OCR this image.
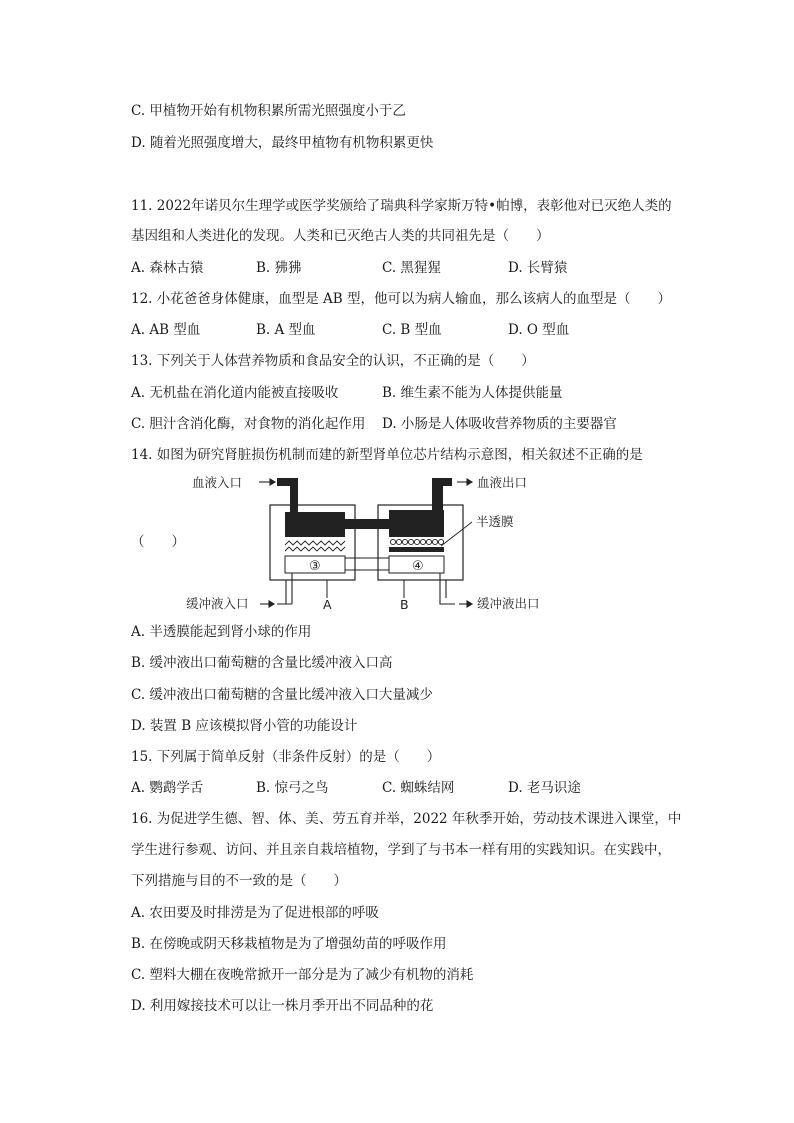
C. 甲植物开始有机物积累所需光照强度小于乙
D. 随着光照强度增大，最终甲植物有机物积累更快
11. 2022年诺贝尔生理学或医学奖颁给了瑞典科学家斯万特•帕博，表彰他对已灭绝人类的
基因组和人类进化的发现。人类和已灭绝古人类的共同祖先是（　　）
A. 森林古猿	B. 狒狒	C. 黑猩猩	D. 长臂猿
12. 小花爸爸身体健康，血型是 AB 型，他可以为病人输血，那么该病人的血型是（　　）
A. AB 型血	B. A 型血	C. B 型血	D. O 型血
13. 下列关于人体营养物质和食品安全的认识，不正确的是（　　）
A. 无机盐在消化道内能被直接吸收	B. 维生素不能为人体提供能量
C. 胆汁含消化酶，对食物的消化起作用 D. 小肠是人体吸收营养物质的主要器官
14. 如图为研究肾脏损伤机制而建的新型肾单位芯片结构示意图，相关叙述不正确的是
（　　）
血液入口	血液出口
半透膜
缓冲液入口	缓冲液出口
A	B
③	④
A. 半透膜能起到肾小球的作用
B. 缓冲液出口葡萄糖的含量比缓冲液入口高
C. 缓冲液出口葡萄糖的含量比缓冲液入口大量减少
D. 装置 B 应该模拟肾小管的功能设计
15. 下列属于简单反射（非条件反射）的是（　　）
A. 鹦鹉学舌	B. 惊弓之鸟	C. 蜘蛛结网	D. 老马识途
16. 为促进学生德、智、体、美、劳五育并举，2022 年秋季开始，劳动技术课进入课堂，中
学生进行参观、访问、并且亲自栽培植物，学到了与书本一样有用的实践知识。在实践中，
下列措施与目的不一致的是（　　）
A. 农田要及时排涝是为了促进根部的呼吸
B. 在傍晚或阴天移栽植物是为了增强幼苗的呼吸作用
C. 塑料大棚在夜晚常掀开一部分是为了减少有机物的消耗
D. 利用嫁接技术可以让一株月季开出不同品种的花
